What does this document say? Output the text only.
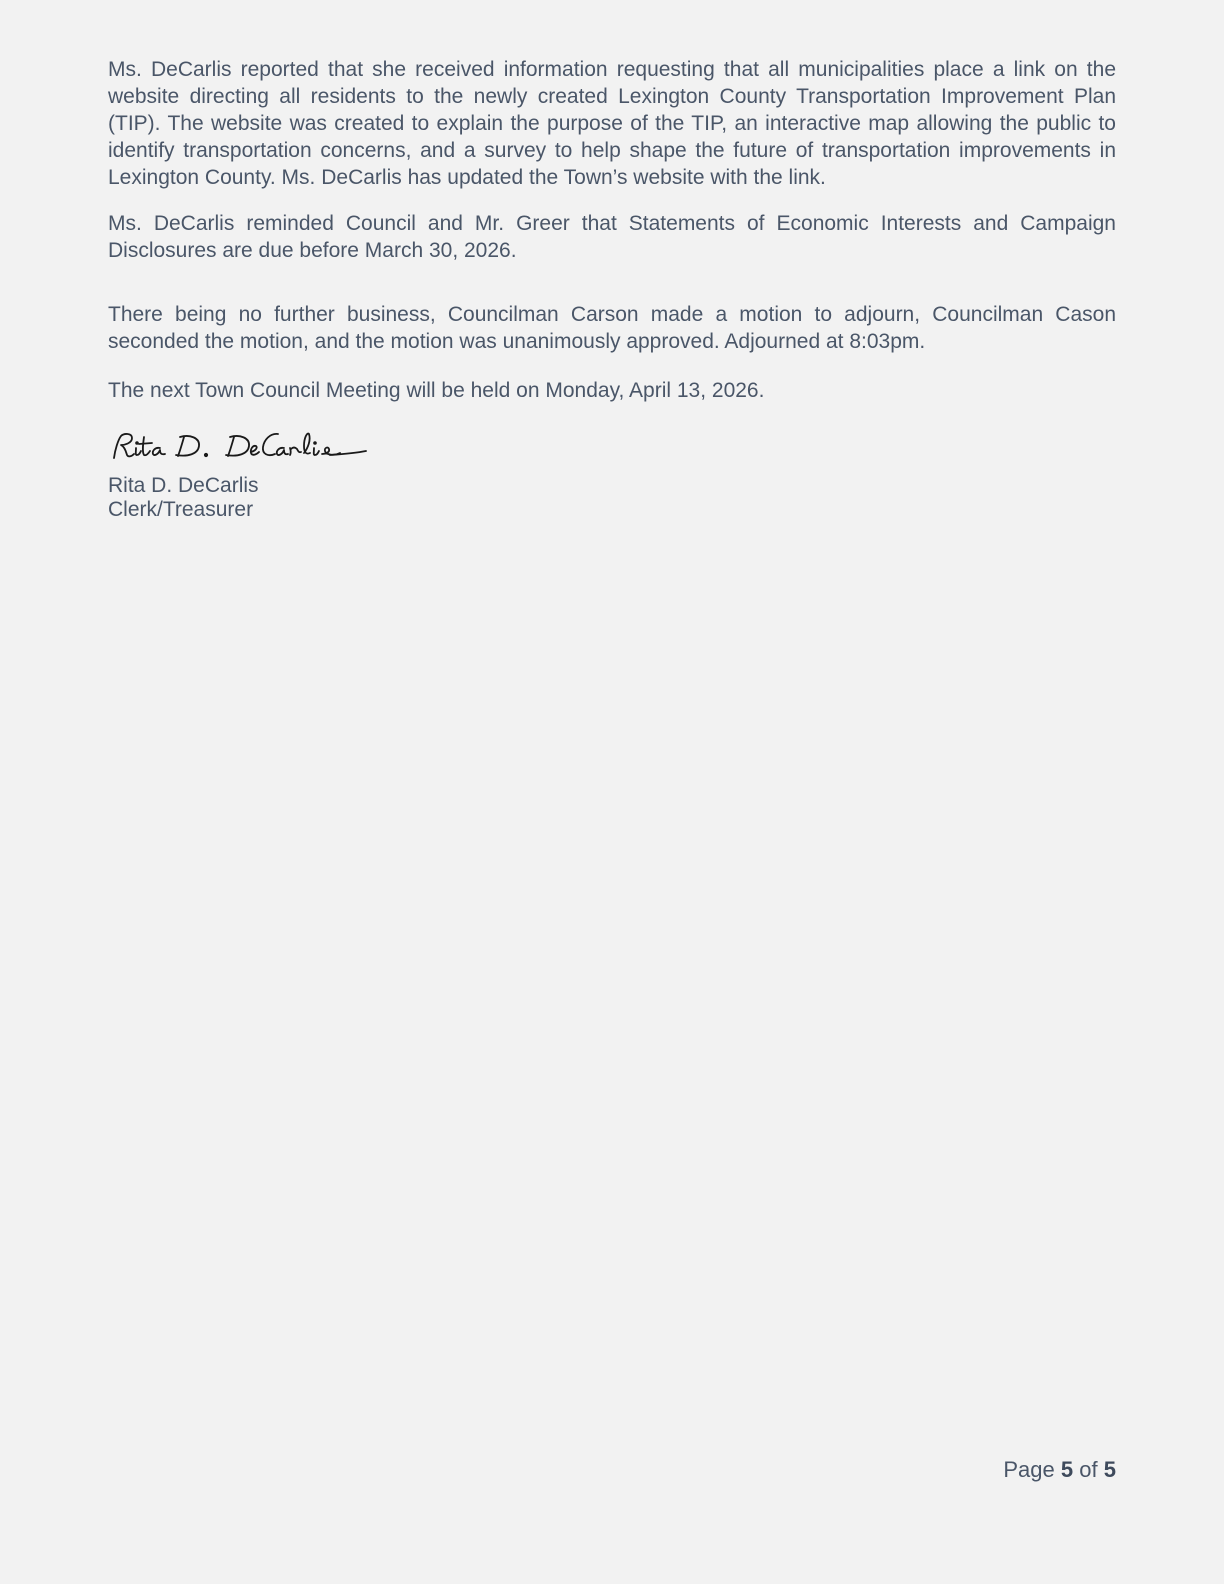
Ms. DeCarlis reported that she received information requesting that all municipalities place a link on the website directing all residents to the newly created Lexington County Transportation Improvement Plan (TIP). The website was created to explain the purpose of the TIP, an interactive map allowing the public to identify transportation concerns, and a survey to help shape the future of transportation improvements in Lexington County. Ms. DeCarlis has updated the Town’s website with the link.

Ms. DeCarlis reminded Council and Mr. Greer that Statements of Economic Interests and Campaign Disclosures are due before March 30, 2026.

There being no further business, Councilman Carson made a motion to adjourn, Councilman Cason seconded the motion, and the motion was unanimously approved. Adjourned at 8:03pm.

The next Town Council Meeting will be held on Monday, April 13, 2026.

Rita D. DeCarlis

Clerk/Treasurer

Page 5 of 5
